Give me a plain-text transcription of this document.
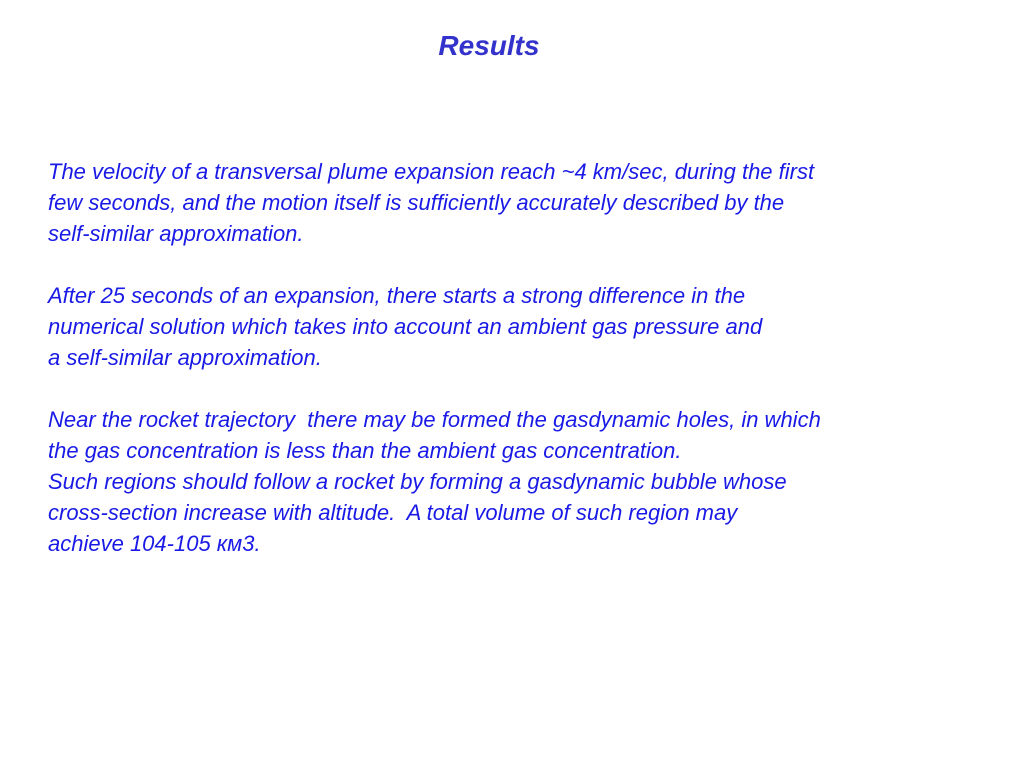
Results
The velocity of a transversal plume expansion reach ~4 km/sec, during the first
few seconds, and the motion itself is sufficiently accurately described by the
self-similar approximation.
After 25 seconds of an expansion, there starts a strong difference in the
numerical solution which takes into account an ambient gas pressure and
a self-similar approximation.
Near the rocket trajectory  there may be formed the gasdynamic holes, in which
the gas concentration is less than the ambient gas concentration.
Such regions should follow a rocket by forming a gasdynamic bubble whose
cross-section increase with altitude.  A total volume of such region may
achieve 104-105 км3.
